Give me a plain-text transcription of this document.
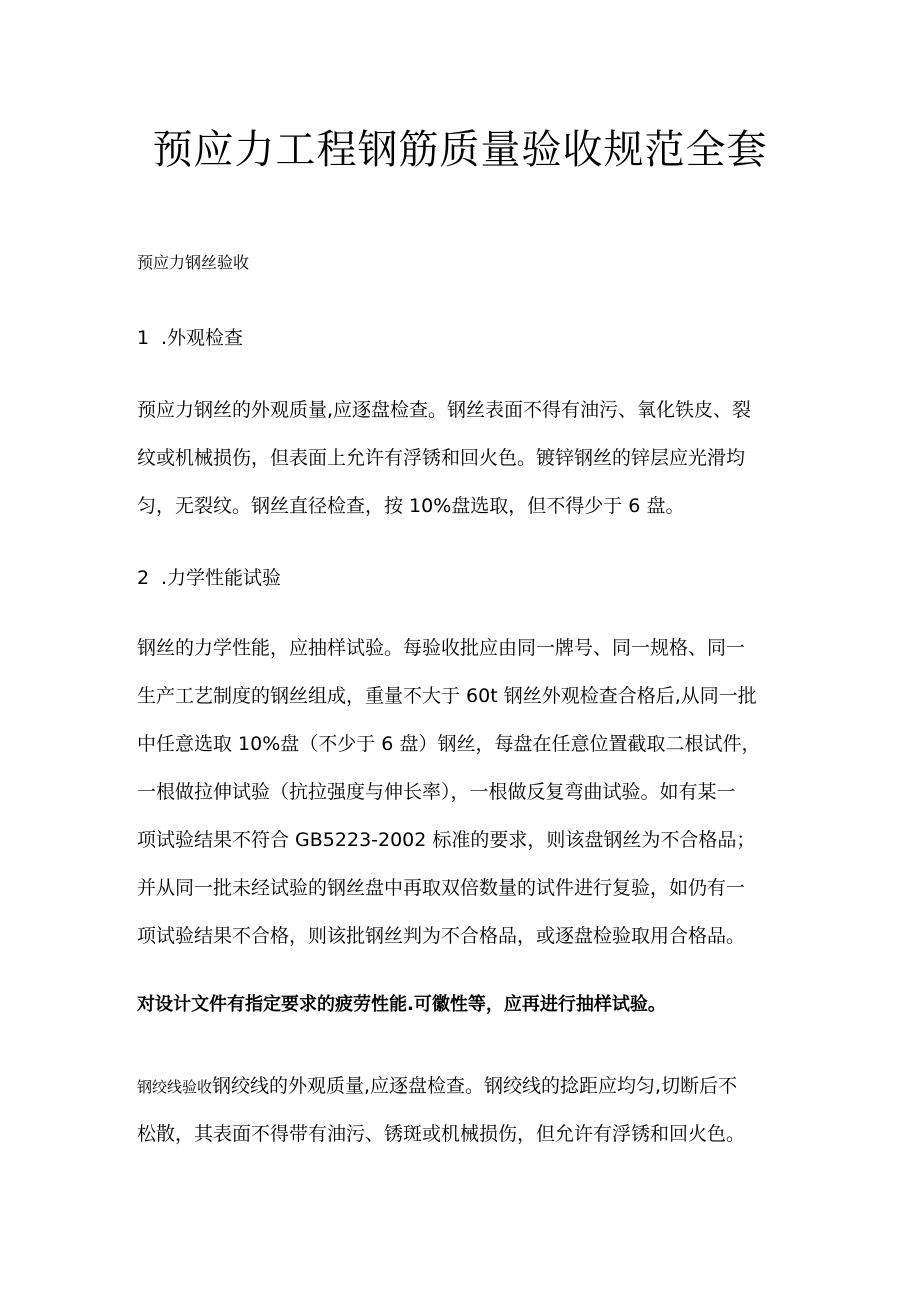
预应力工程钢筋质量验收规范全套

预应力钢丝验收

1 .外观检查

预应力钢丝的外观质量,应逐盘检查。钢丝表面不得有油污、氧化铁皮、裂
纹或机械损伤，但表面上允许有浮锈和回火色。镀锌钢丝的锌层应光滑均
匀，无裂纹。钢丝直径检查，按 10%盘选取，但不得少于 6 盘。

2 .力学性能试验

钢丝的力学性能，应抽样试验。每验收批应由同一牌号、同一规格、同一
生产工艺制度的钢丝组成，重量不大于 60t 钢丝外观检查合格后,从同一批
中任意选取 10%盘（不少于 6 盘）钢丝，每盘在任意位置截取二根试件，
一根做拉伸试验（抗拉强度与伸长率），一根做反复弯曲试验。如有某一
项试验结果不符合 GB5223-2002 标准的要求，则该盘钢丝为不合格品；
并从同一批未经试验的钢丝盘中再取双倍数量的试件进行复验，如仍有一
项试验结果不合格，则该批钢丝判为不合格品，或逐盘检验取用合格品。

对设计文件有指定要求的疲劳性能.可徽性等，应再进行抽样试验。

钢绞线验收钢绞线的外观质量,应逐盘检查。钢绞线的捻距应均匀,切断后不
松散，其表面不得带有油污、锈斑或机械损伤，但允许有浮锈和回火色。
